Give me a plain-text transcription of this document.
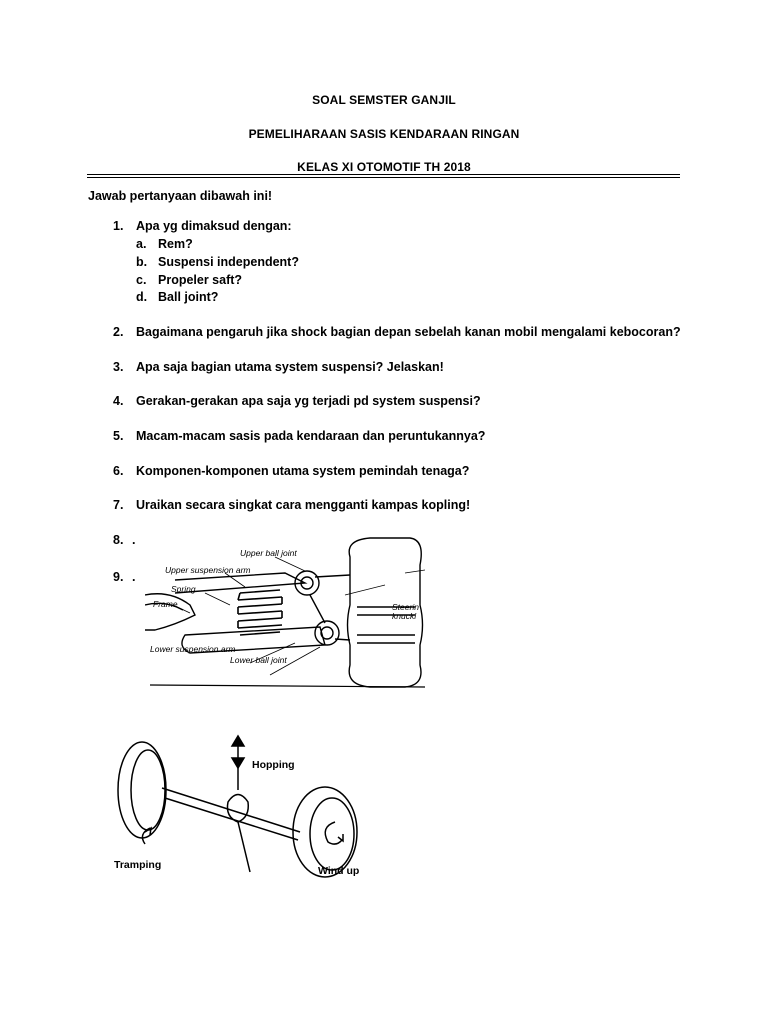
SOAL SEMSTER GANJIL
PEMELIHARAAN SASIS KENDARAAN RINGAN
KELAS XI OTOMOTIF TH 2018
Jawab pertanyaan dibawah ini!
1. Apa yg dimaksud dengan:
a. Rem?
b. Suspensi independent?
c. Propeler saft?
d. Ball joint?
2. Bagaimana pengaruh jika shock bagian depan sebelah kanan mobil mengalami kebocoran?
3. Apa saja bagian utama system suspensi? Jelaskan!
4. Gerakan-gerakan apa saja yg terjadi pd system suspensi?
5. Macam-macam sasis pada kendaraan dan peruntukannya?
6. Komponen-komponen utama system pemindah tenaga?
7. Uraikan secara singkat cara mengganti kampas kopling!
8. .
9. .
Upper ball joint
Upper suspension arm
Spring
Frame	Steerin
knuckl
Lower suspension arm
Lower ball joint
Hopping
Tramping	Wind up
